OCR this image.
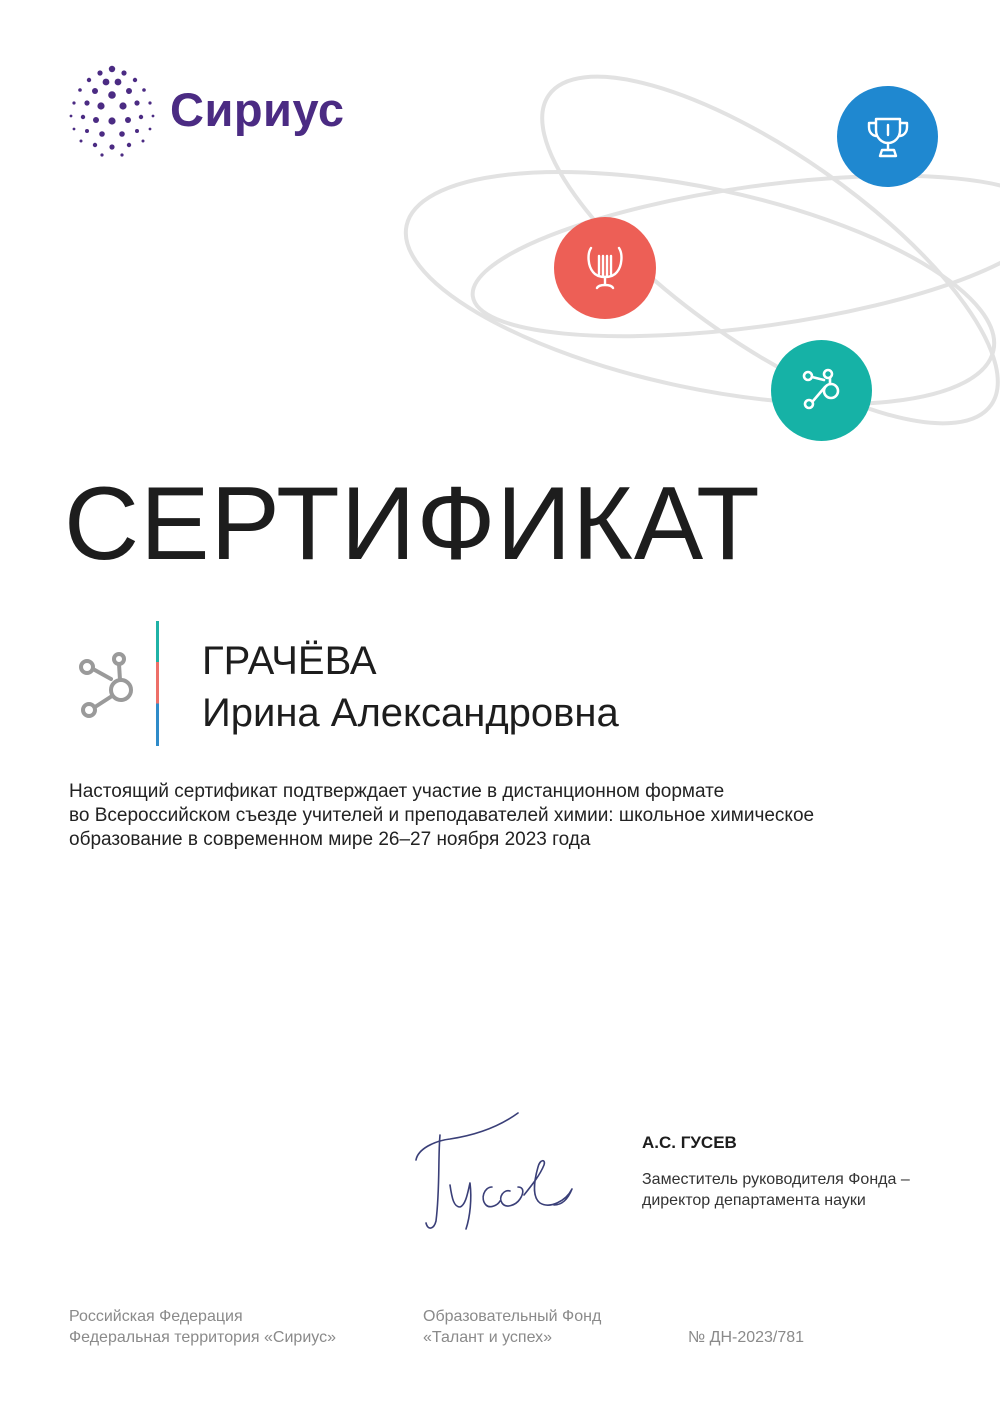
Сириус
СЕРТИФИКАТ
ГРАЧЁВА
Ирина Александровна
Настоящий сертификат подтверждает участие в дистанционном формате
во Всероссийском съезде учителей и преподавателей химии: школьное химическое
образование в современном мире 26–27 ноября 2023 года
А.С. ГУСЕВ
Заместитель руководителя Фонда –
директор департамента науки
Российская Федерация
Федеральная территория «Сириус»
Образовательный Фонд
«Талант и успех»	№ ДН-2023/781
